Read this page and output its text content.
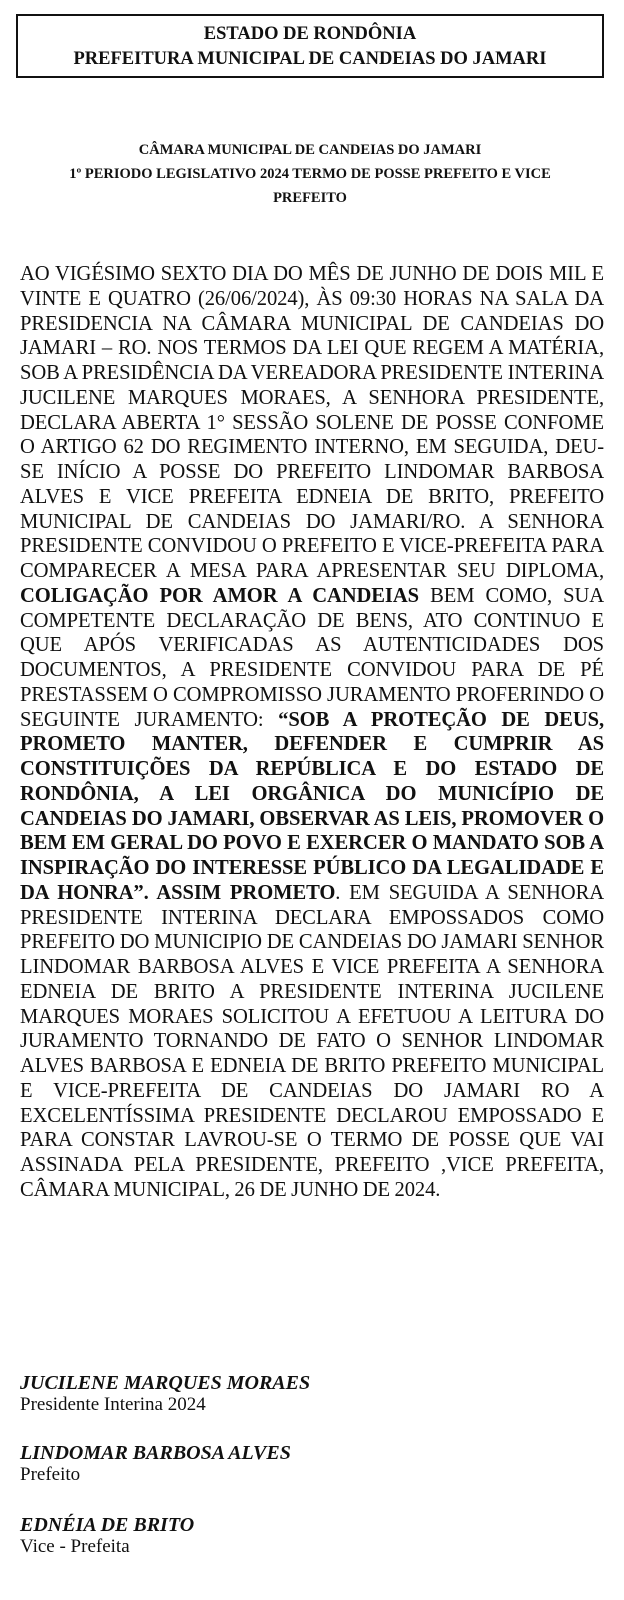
ESTADO DE RONDÔNIA
PREFEITURA MUNICIPAL DE CANDEIAS DO JAMARI
CÂMARA MUNICIPAL DE CANDEIAS DO JAMARI
1º PERIODO LEGISLATIVO 2024 TERMO DE POSSE PREFEITO E VICE
PREFEITO
AO VIGÉSIMO SEXTO DIA DO MÊS DE JUNHO DE DOIS MIL E VINTE E QUATRO (26/06/2024), ÀS 09:30 HORAS NA SALA DA PRESIDENCIA NA CÂMARA MUNICIPAL DE CANDEIAS DO JAMARI – RO. NOS TERMOS DA LEI QUE REGEM A MATÉRIA, SOB A PRESIDÊNCIA DA VEREADORA PRESIDENTE INTERINA JUCILENE MARQUES MORAES, A SENHORA PRESIDENTE, DECLARA ABERTA 1° SESSÃO SOLENE DE POSSE CONFOME O ARTIGO 62 DO REGIMENTO INTERNO, EM SEGUIDA, DEU-SE INÍCIO A POSSE DO PREFEITO LINDOMAR BARBOSA ALVES E VICE PREFEITA EDNEIA DE BRITO, PREFEITO MUNICIPAL DE CANDEIAS DO JAMARI/RO. A SENHORA PRESIDENTE CONVIDOU O PREFEITO E VICE-PREFEITA PARA COMPARECER A MESA PARA APRESENTAR SEU DIPLOMA, COLIGAÇÃO POR AMOR A CANDEIAS BEM COMO, SUA COMPETENTE DECLARAÇÃO DE BENS, ATO CONTINUO E QUE APÓS VERIFICADAS AS AUTENTICIDADES DOS DOCUMENTOS, A PRESIDENTE CONVIDOU PARA DE PÉ PRESTASSEM O COMPROMISSO JURAMENTO PROFERINDO O SEGUINTE JURAMENTO: “SOB A PROTEÇÃO DE DEUS, PROMETO MANTER, DEFENDER E CUMPRIR AS CONSTITUIÇÕES DA REPÚBLICA E DO ESTADO DE RONDÔNIA, A LEI ORGÂNICA DO MUNICÍPIO DE CANDEIAS DO JAMARI, OBSERVAR AS LEIS, PROMOVER O BEM EM GERAL DO POVO E EXERCER O MANDATO SOB A INSPIRAÇÃO DO INTERESSE PÚBLICO DA LEGALIDADE E DA HONRA”. ASSIM PROMETO. EM SEGUIDA A SENHORA PRESIDENTE INTERINA DECLARA EMPOSSADOS COMO PREFEITO DO MUNICIPIO DE CANDEIAS DO JAMARI SENHOR LINDOMAR BARBOSA ALVES E VICE PREFEITA A SENHORA EDNEIA DE BRITO A PRESIDENTE INTERINA JUCILENE MARQUES MORAES SOLICITOU A EFETUOU A LEITURA DO JURAMENTO TORNANDO DE FATO O SENHOR LINDOMAR ALVES BARBOSA E EDNEIA DE BRITO PREFEITO MUNICIPAL E VICE-PREFEITA DE CANDEIAS DO JAMARI RO A EXCELENTÍSSIMA PRESIDENTE DECLAROU EMPOSSADO E PARA CONSTAR LAVROU-SE O TERMO DE POSSE QUE VAI ASSINADA PELA PRESIDENTE, PREFEITO ,VICE PREFEITA, CÂMARA MUNICIPAL, 26 DE JUNHO DE 2024.
JUCILENE MARQUES MORAES
Presidente Interina 2024
LINDOMAR BARBOSA ALVES
Prefeito
EDNÉIA DE BRITO
Vice - Prefeita
